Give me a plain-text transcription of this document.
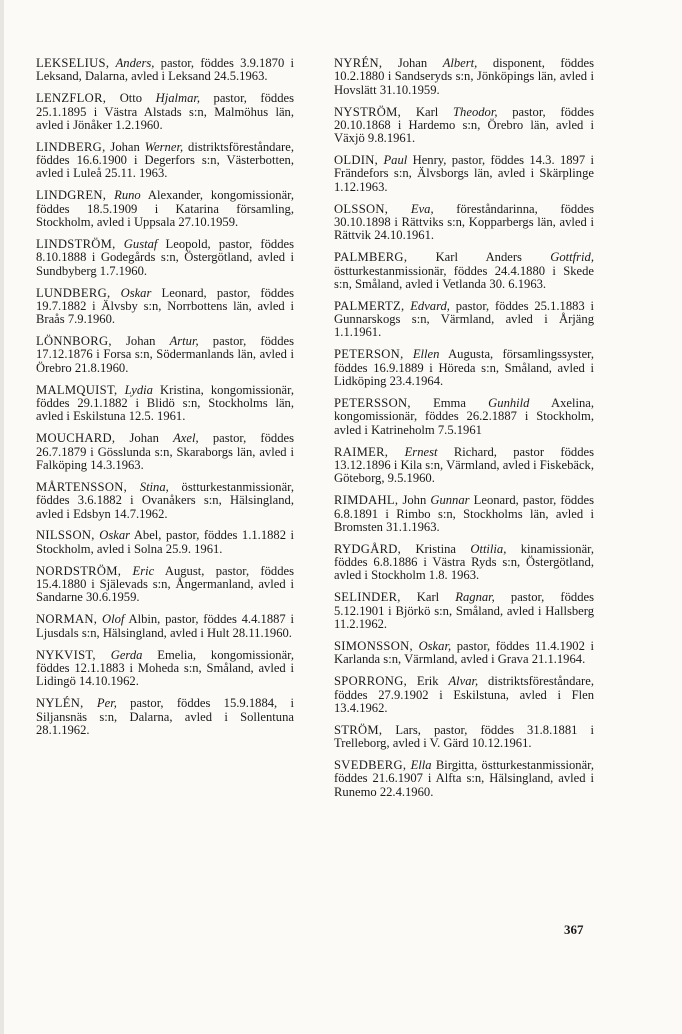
LEKSELIUS, Anders, pastor, föddes 3.9.1870 i Leksand, Dalarna, avled i Leksand 24.5.1963.

LENZFLOR, Otto Hjalmar, pastor, föddes 25.1.1895 i Västra Alstads s:n, Malmöhus län, avled i Jönåker 1.2.1960.

LINDBERG, Johan Werner, distriktsföreståndare, föddes 16.6.1900 i Degerfors s:n, Västerbotten, avled i Luleå 25.11. 1963.

LINDGREN, Runo Alexander, kongomissionär, föddes 18.5.1909 i Katarina församling, Stockholm, avled i Uppsala 27.10.1959.

LINDSTRÖM, Gustaf Leopold, pastor, föddes 8.10.1888 i Godegårds s:n, Östergötland, avled i Sundbyberg 1.7.1960.

LUNDBERG, Oskar Leonard, pastor, föddes 19.7.1882 i Älvsby s:n, Norrbottens län, avled i Braås 7.9.1960.

LÖNNBORG, Johan Artur, pastor, föddes 17.12.1876 i Forsa s:n, Södermanlands län, avled i Örebro 21.8.1960.

MALMQUIST, Lydia Kristina, kongomissionär, föddes 29.1.1882 i Blidö s:n, Stockholms län, avled i Eskilstuna 12.5. 1961.

MOUCHARD, Johan Axel, pastor, föddes 26.7.1879 i Gösslunda s:n, Skaraborgs län, avled i Falköping 14.3.1963.

MÅRTENSSON, Stina, östturkestanmissionär, föddes 3.6.1882 i Ovanåkers s:n, Hälsingland, avled i Edsbyn 14.7.1962.

NILSSON, Oskar Abel, pastor, föddes 1.1.1882 i Stockholm, avled i Solna 25.9. 1961.

NORDSTRÖM, Eric August, pastor, föddes 15.4.1880 i Själevads s:n, Ångermanland, avled i Sandarne 30.6.1959.

NORMAN, Olof Albin, pastor, föddes 4.4.1887 i Ljusdals s:n, Hälsingland, avled i Hult 28.11.1960.

NYKVIST, Gerda Emelia, kongomissionär, föddes 12.1.1883 i Moheda s:n, Småland, avled i Lidingö 14.10.1962.

NYLÉN, Per, pastor, föddes 15.9.1884, i Siljansnäs s:n, Dalarna, avled i Sollentuna 28.1.1962.

NYRÉN, Johan Albert, disponent, föddes 10.2.1880 i Sandseryds s:n, Jönköpings län, avled i Hovslätt 31.10.1959.

NYSTRÖM, Karl Theodor, pastor, föddes 20.10.1868 i Hardemo s:n, Örebro län, avled i Växjö 9.8.1961.

OLDIN, Paul Henry, pastor, föddes 14.3. 1897 i Frändefors s:n, Älvsborgs län, avled i Skärplinge 1.12.1963.

OLSSON, Eva, föreståndarinna, föddes 30.10.1898 i Rättviks s:n, Kopparbergs län, avled i Rättvik 24.10.1961.

PALMBERG, Karl Anders Gottfrid, östturkestanmissionär, föddes 24.4.1880 i Skede s:n, Småland, avled i Vetlanda 30. 6.1963.

PALMERTZ, Edvard, pastor, föddes 25.1.1883 i Gunnarskogs s:n, Värmland, avled i Årjäng 1.1.1961.

PETERSON, Ellen Augusta, församlingssyster, föddes 16.9.1889 i Höreda s:n, Småland, avled i Lidköping 23.4.1964.

PETERSSON, Emma Gunhild Axelina, kongomissionär, föddes 26.2.1887 i Stockholm, avled i Katrineholm 7.5.1961

RAIMER, Ernest Richard, pastor föddes 13.12.1896 i Kila s:n, Värmland, avled i Fiskebäck, Göteborg, 9.5.1960.

RIMDAHL, John Gunnar Leonard, pastor, föddes 6.8.1891 i Rimbo s:n, Stockholms län, avled i Bromsten 31.1.1963.

RYDGÅRD, Kristina Ottilia, kinamissionär, föddes 6.8.1886 i Västra Ryds s:n, Östergötland, avled i Stockholm 1.8. 1963.

SELINDER, Karl Ragnar, pastor, föddes 5.12.1901 i Björkö s:n, Småland, avled i Hallsberg 11.2.1962.

SIMONSSON, Oskar, pastor, föddes 11.4.1902 i Karlanda s:n, Värmland, avled i Grava 21.1.1964.

SPORRONG, Erik Alvar, distriktsföreståndare, föddes 27.9.1902 i Eskilstuna, avled i Flen 13.4.1962.

STRÖM, Lars, pastor, föddes 31.8.1881 i Trelleborg, avled i V. Gärd 10.12.1961.

SVEDBERG, Ella Birgitta, östturkestanmissionär, föddes 21.6.1907 i Alfta s:n, Hälsingland, avled i Runemo 22.4.1960.

367
